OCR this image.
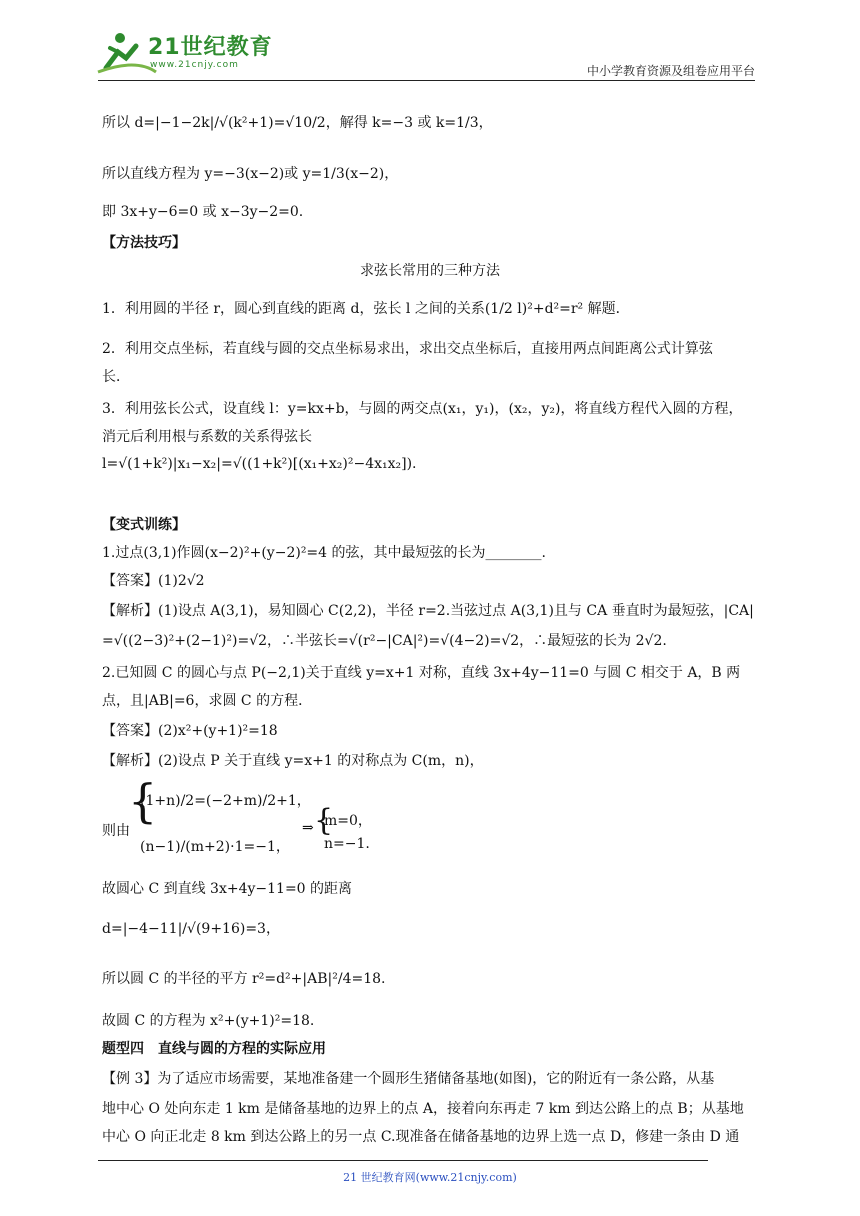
21世纪教育
www.21cnjy.com	中小学教育资源及组卷应用平台
所以 d=|−1−2k|/√(k²+1)=√10/2，解得 k=−3 或 k=1/3，
所以直线方程为 y=−3(x−2)或 y=1/3(x−2)，
即 3x+y−6=0 或 x−3y−2=0.
【方法技巧】
求弦长常用的三种方法
1．利用圆的半径 r，圆心到直线的距离 d，弦长 l 之间的关系(1/2 l)²+d²=r² 解题．
2．利用交点坐标，若直线与圆的交点坐标易求出，求出交点坐标后，直接用两点间距离公式计算弦
长．
3．利用弦长公式，设直线 l：y=kx+b，与圆的两交点(x₁，y₁)，(x₂，y₂)，将直线方程代入圆的方程，
消元后利用根与系数的关系得弦长
l=√(1+k²)|x₁−x₂|=√((1+k²)[(x₁+x₂)²−4x₁x₂]).
【变式训练】
1.过点(3,1)作圆(x−2)²+(y−2)²=4 的弦，其中最短弦的长为________.
【答案】(1)2√2
【解析】(1)设点 A(3,1)，易知圆心 C(2,2)，半径 r=2.当弦过点 A(3,1)且与 CA 垂直时为最短弦，|CA|
=√((2−3)²+(2−1)²)=√2，∴半弦长=√(r²−|CA|²)=√(4−2)=√2，∴最短弦的长为 2√2.
2.已知圆 C 的圆心与点 P(−2,1)关于直线 y=x+1 对称，直线 3x+4y−11=0 与圆 C 相交于 A，B 两
点，且|AB|=6，求圆 C 的方程．
【答案】(2)x²+(y+1)²=18
【解析】(2)设点 P 关于直线 y=x+1 的对称点为 C(m，n)，
则由
{
(1+n)/2=(−2+m)/2+1，
(n−1)/(m+2)·1=−1，
⇒ {
m=0，
n=−1.
故圆心 C 到直线 3x+4y−11=0 的距离
d=|−4−11|/√(9+16)=3，
所以圆 C 的半径的平方 r²=d²+|AB|²/4=18.
故圆 C 的方程为 x²+(y+1)²=18.
题型四　直线与圆的方程的实际应用
【例 3】为了适应市场需要，某地准备建一个圆形生猪储备基地(如图)，它的附近有一条公路，从基
地中心 O 处向东走 1 km 是储备基地的边界上的点 A，接着向东再走 7 km 到达公路上的点 B；从基地
中心 O 向正北走 8 km 到达公路上的另一点 C.现准备在储备基地的边界上选一点 D，修建一条由 D 通
21 世纪教育网(www.21cnjy.com)
